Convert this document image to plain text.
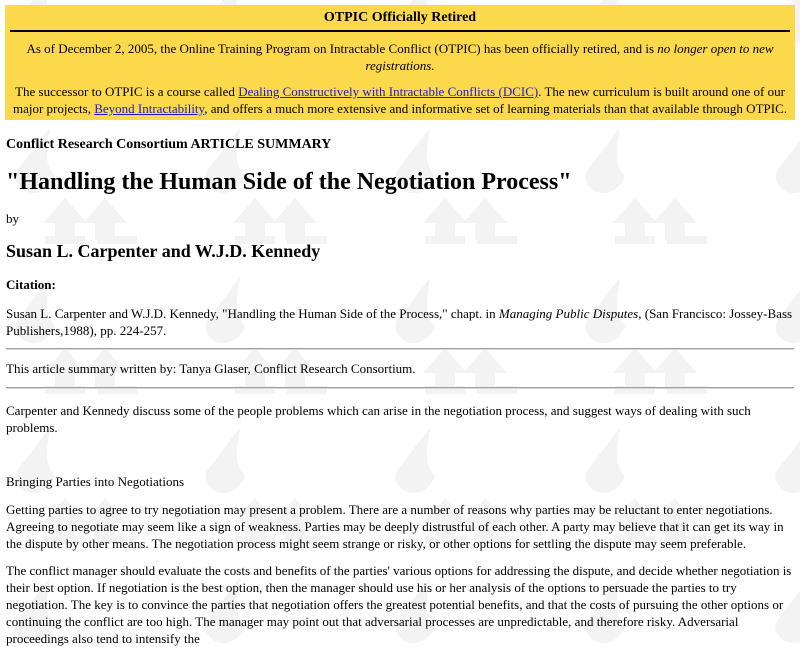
OTPIC Officially Retired

As of December 2, 2005, the Online Training Program on Intractable Conflict (OTPIC) has been officially retired, and is no longer open to new registrations.

The successor to OTPIC is a course called Dealing Constructively with Intractable Conflicts (DCIC). The new curriculum is built around one of our major projects, Beyond Intractability, and offers a much more extensive and informative set of learning materials than that available through OTPIC.

Conflict Research Consortium ARTICLE SUMMARY
"Handling the Human Side of the Negotiation Process"
by
Susan L. Carpenter and W.J.D. Kennedy
Citation:
Susan L. Carpenter and W.J.D. Kennedy, "Handling the Human Side of the Process," chapt. in Managing Public Disputes, (San Francisco: Jossey-Bass Publishers,1988), pp. 224-257.
This article summary written by: Tanya Glaser, Conflict Research Consortium.
Carpenter and Kennedy discuss some of the people problems which can arise in the negotiation process, and suggest ways of dealing with such problems.
Bringing Parties into Negotiations

Getting parties to agree to try negotiation may present a problem. There are a number of reasons why parties may be reluctant to enter negotiations. Agreeing to negotiate may seem like a sign of weakness. Parties may be deeply distrustful of each other. A party may believe that it can get its way in the dispute by other means. The negotiation process might seem strange or risky, or other options for settling the dispute may seem preferable.

The conflict manager should evaluate the costs and benefits of the parties' various options for addressing the dispute, and decide whether negotiation is their best option. If negotiation is the best option, then the manager should use his or her analysis of the options to persuade the parties to try negotiation. The key is to convince the parties that negotiation offers the greatest potential benefits, and that the costs of pursuing the other options or continuing the conflict are too high. The manager may point out that adversarial processes are unpredictable, and therefore risky. Adversarial proceedings also tend to intensify the
